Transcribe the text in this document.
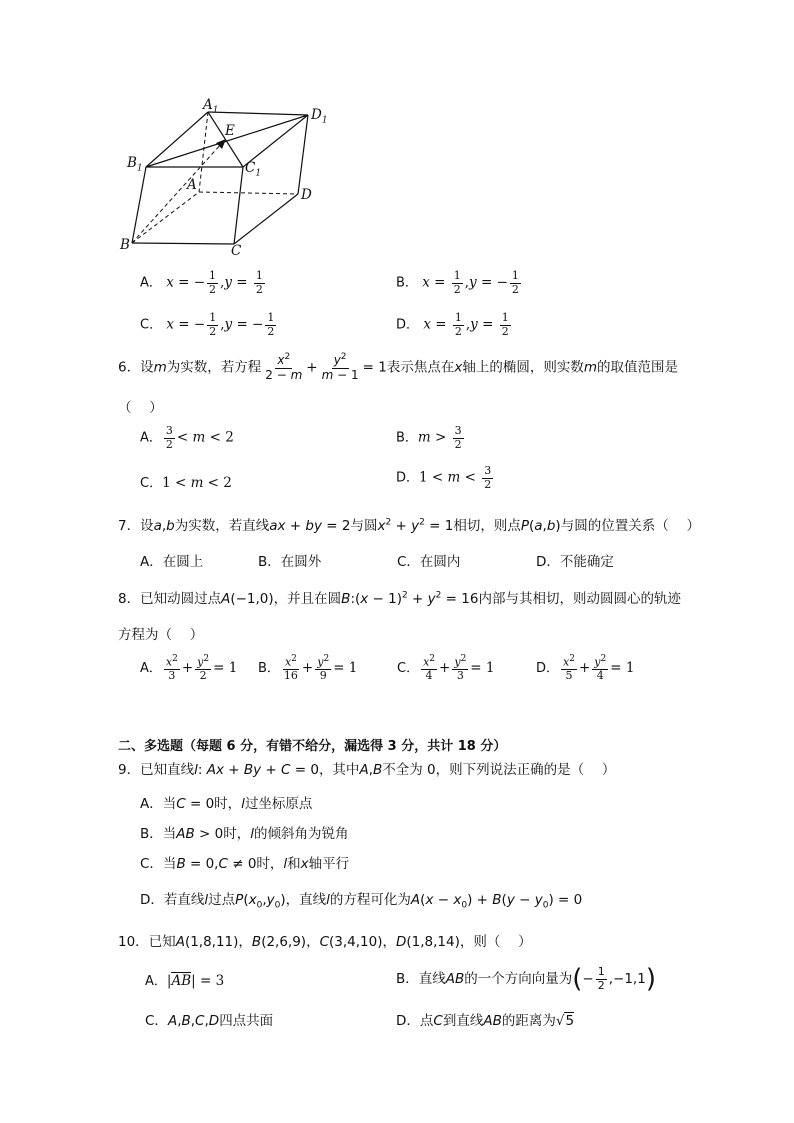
$A_1$	$D_1$
$B_1$	$C_1$
E
A
D
B	C
A． x = − $\frac{1}{2} ,y = \frac{1}{2}$	B． $x = \frac{1}{2} ,y$ = − $\frac{1}{2}$
C． x = − $\frac{1}{2} ,y$ = − $\frac{1}{2}$	D． $x = \frac{1}{2} ,y = \frac{1}{2}$
6．设m为实数，若方程 $\frac{x^2}{2 - m} + \frac{y^2}{m - 1} = 1$表示焦点在x轴上的椭圆，则实数m的取值范围是
（　 ）
A． $\frac{3}{2} < m < 2$	B．$m > \frac{3}{2}$
C．1 < m < 2	D．$1 < m < \frac{3}{2}$
7．设a,b为实数，若直线ax + by = 2与圆$x^2 + y^2 = 1$相切，则点P(a,b)与圆的位置关系（　 ）
A．在圆上	B．在圆外	C．在圆内	D．不能确定
8．已知动圆过点A(−1,0)，并且在圆B:(x − $1)^2 + y^2 = 16$内部与其相切，则动圆圆心的轨迹
方程为（　 ）
A． $\frac{x^2}{3} + \frac{y^2}{2} = 1$ B． $\frac{x^2}{16} + \frac{y^2}{9} = 1$	C． $\frac{x^2}{4} + \frac{y^2}{3} = 1$	D． $\frac{x^2}{5} + \frac{y^2}{4} = 1$
二、多选题（每题 6 分，有错不给分，漏选得 3 分，共计 18 分）
9．已知直线l: Ax + By + C = 0，其中A,B不全为 0，则下列说法正确的是（　 ）
A．当C = 0时，l过坐标原点
B．当AB > 0时，l的倾斜角为锐角
C．当B = 0,C ≠ 0时，l和x轴平行
D．若直线l过点$P(x_0,y_0)$，直线l的方程可化为$A(x - x_0) + B(y - y_0) = 0$
10．已知A(1,8,11)，B(2,6,9)，C(3,4,10)，D(1,8,14)，则（　 ）
A．|AB| = 3	B．直线AB的一个方向向量为(− $\frac{1}{2} ,-1,1$)
C．A,B,C,D四点共面	D．点C到直线AB的距离为√5
